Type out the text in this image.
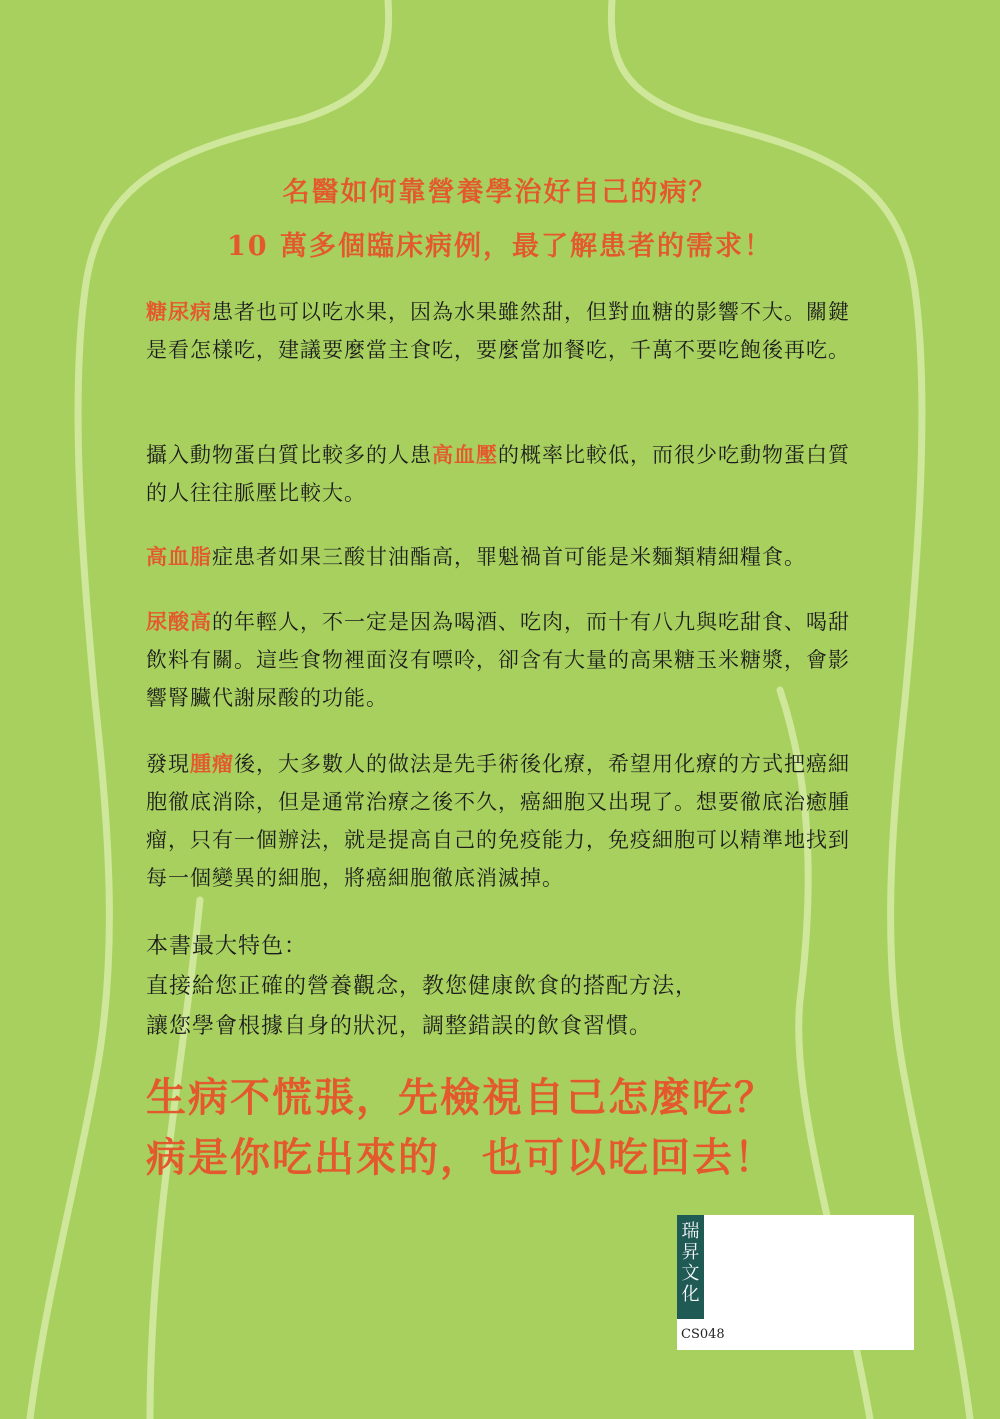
名醫如何靠營養學治好自己的病？
10 萬多個臨床病例，最了解患者的需求！
糖尿病患者也可以吃水果，因為水果雖然甜，但對血糖的影響不大。關鍵是看怎樣吃，建議要麼當主食吃，要麼當加餐吃，千萬不要吃飽後再吃。
攝入動物蛋白質比較多的人患高血壓的概率比較低，而很少吃動物蛋白質的人往往脈壓比較大。
高血脂症患者如果三酸甘油酯高，罪魁禍首可能是米麵類精細糧食。
尿酸高的年輕人，不一定是因為喝酒、吃肉，而十有八九與吃甜食、喝甜飲料有關。這些食物裡面沒有嘌呤，卻含有大量的高果糖玉米糖漿，會影響腎臟代謝尿酸的功能。
發現腫瘤後，大多數人的做法是先手術後化療，希望用化療的方式把癌細胞徹底消除，但是通常治療之後不久，癌細胞又出現了。想要徹底治癒腫瘤，只有一個辦法，就是提高自己的免疫能力，免疫細胞可以精準地找到每一個變異的細胞，將癌細胞徹底消滅掉。
本書最大特色：
直接給您正確的營養觀念，教您健康飲食的搭配方法，
讓您學會根據自身的狀況，調整錯誤的飲食習慣。
生病不慌張，先檢視自己怎麼吃？
病是你吃出來的，也可以吃回去！
瑞昇文化
CS048
